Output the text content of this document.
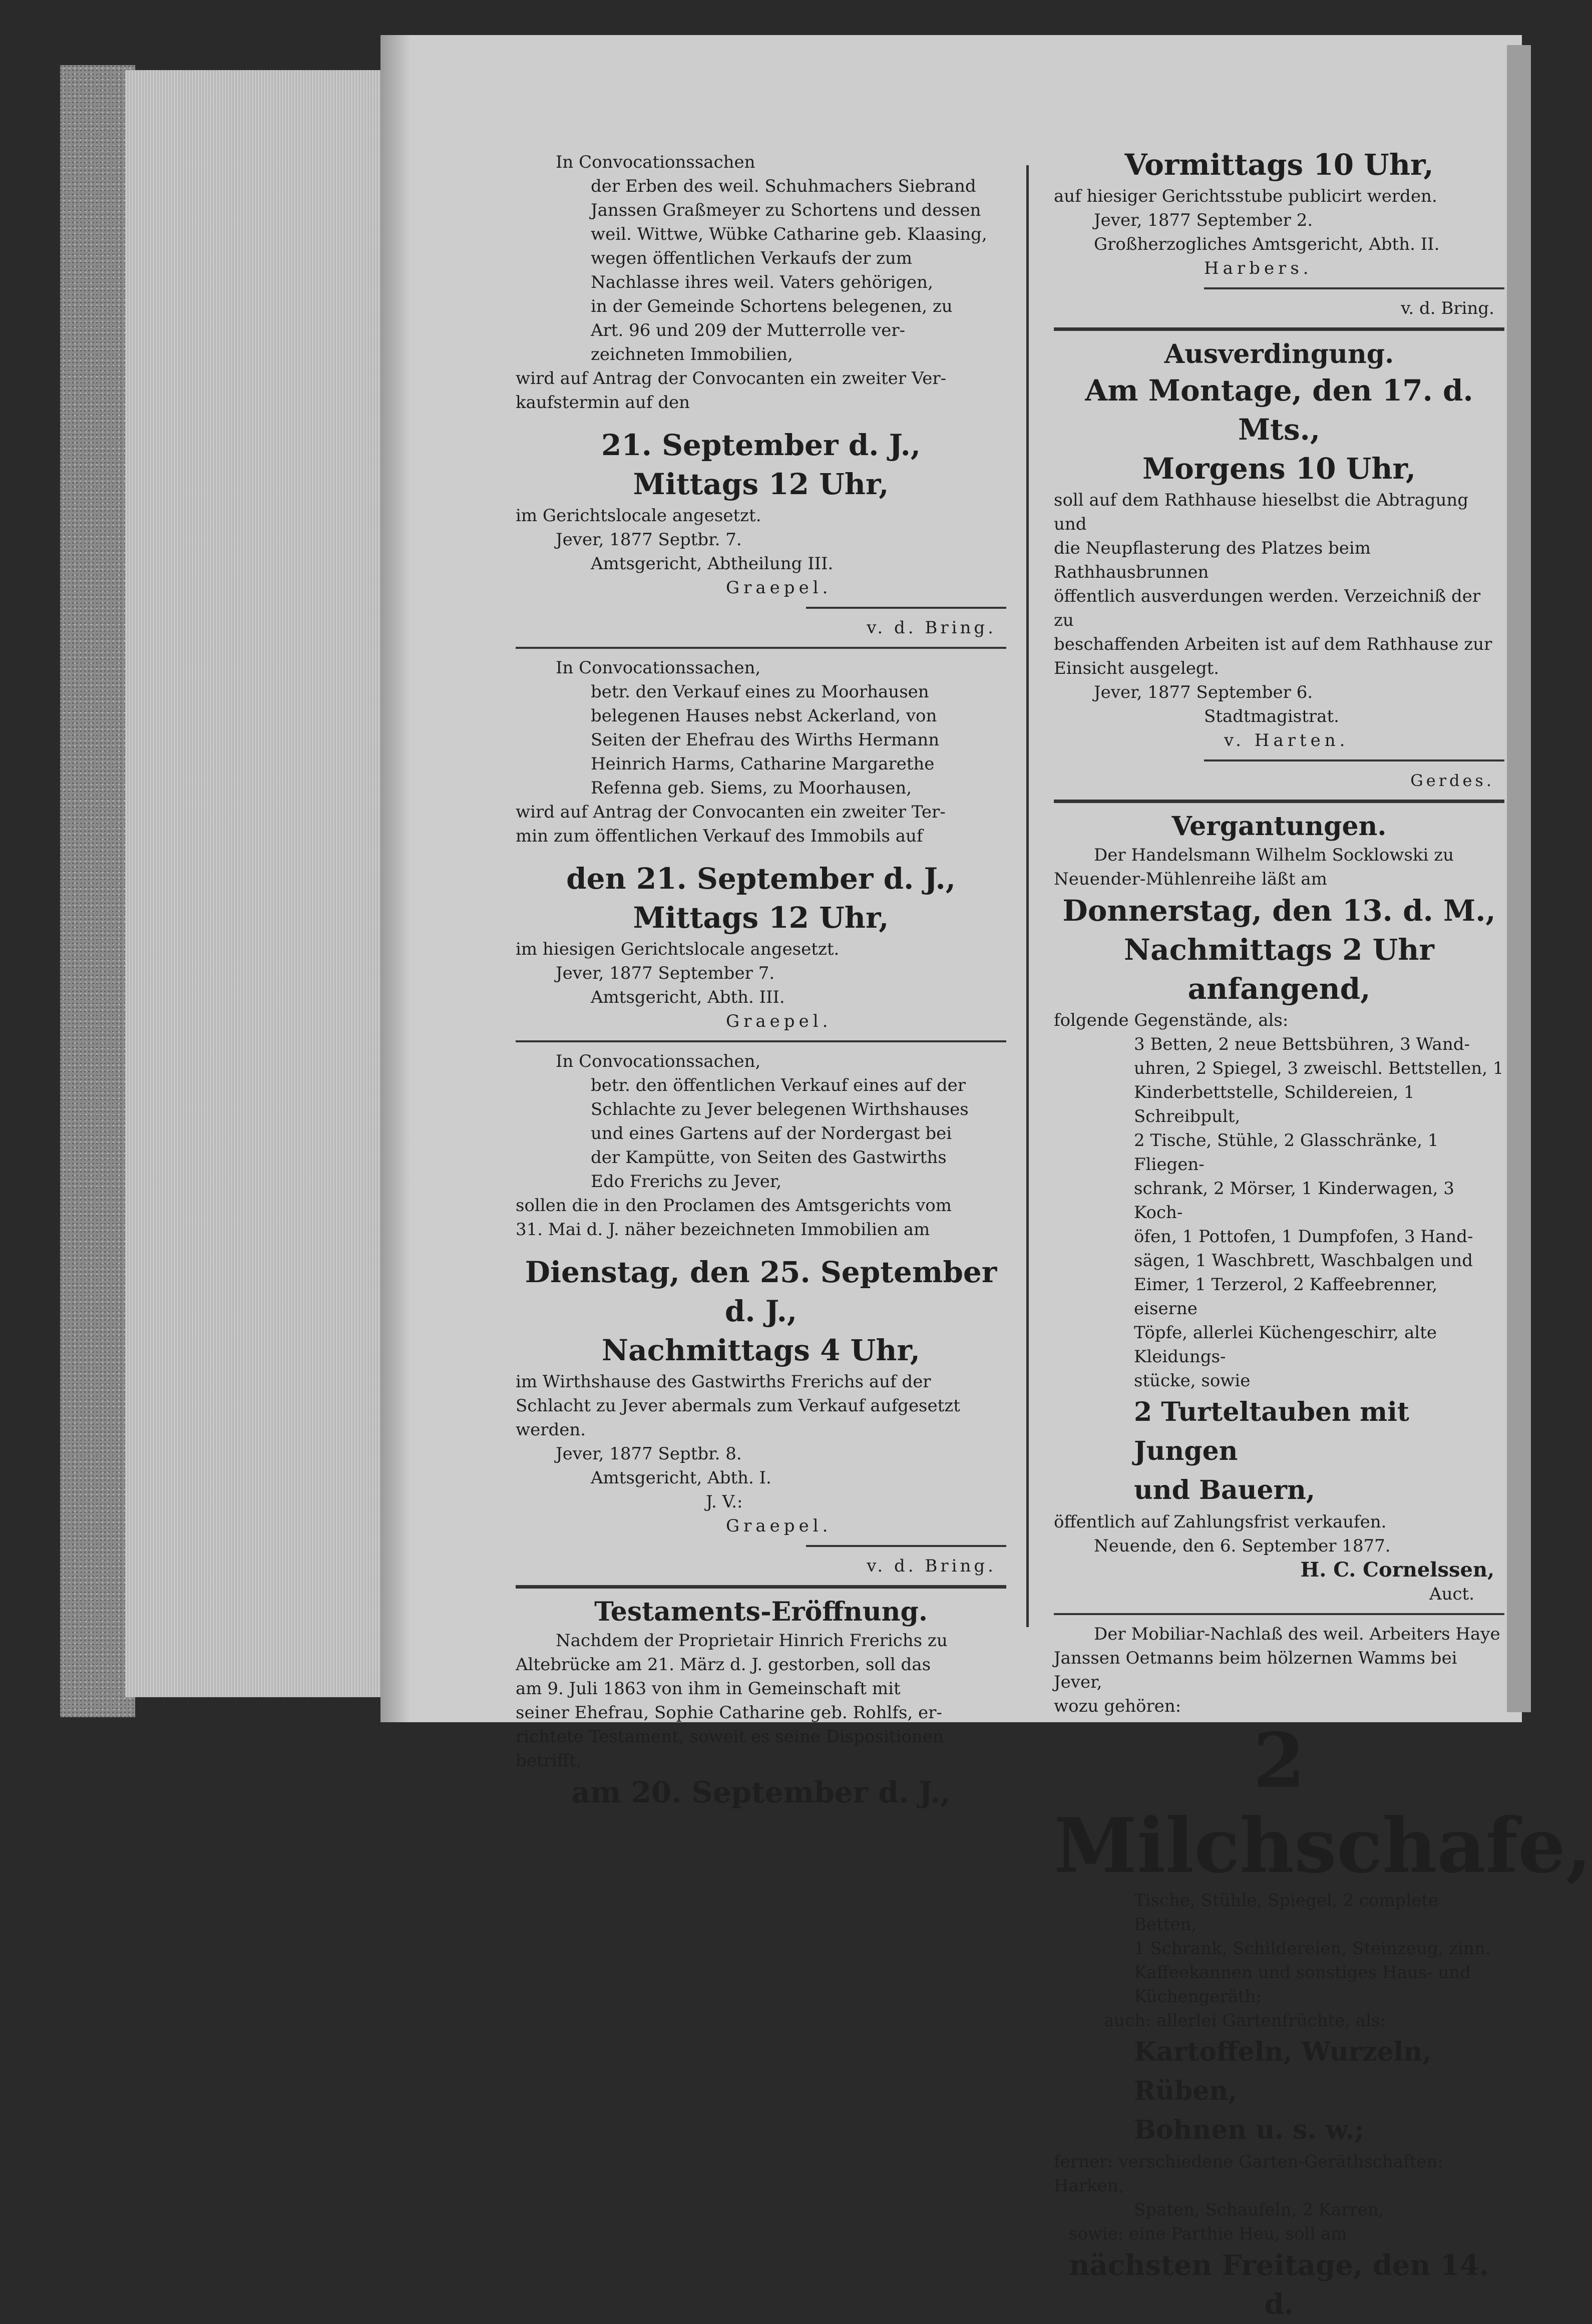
In Convocationssachen

der Erben des weil. Schuhmachers Siebrand

Janssen Graßmeyer zu Schortens und dessen

weil. Wittwe, Wübke Catharine geb. Klaasing,

wegen öffentlichen Verkaufs der zum

Nachlasse ihres weil. Vaters gehörigen,

in der Gemeinde Schortens belegenen, zu

Art. 96 und 209 der Mutterrolle ver-

zeichneten Immobilien,

wird auf Antrag der Convocanten ein zweiter Ver-

kaufstermin auf den

21. September d. J.,
Mittags 12 Uhr,

im Gerichtslocale angesetzt.

Jever, 1877 Septbr. 7.

Amtsgericht, Abtheilung III.

Graepel.

v. d. Bring.

In Convocationssachen,

betr. den Verkauf eines zu Moorhausen

belegenen Hauses nebst Ackerland, von

Seiten der Ehefrau des Wirths Hermann

Heinrich Harms, Catharine Margarethe

Refenna geb. Siems, zu Moorhausen,

wird auf Antrag der Convocanten ein zweiter Ter-

min zum öffentlichen Verkauf des Immobils auf

den 21. September d. J.,
Mittags 12 Uhr,

im hiesigen Gerichtslocale angesetzt.

Jever, 1877 September 7.

Amtsgericht, Abth. III.

Graepel.

In Convocationssachen,

betr. den öffentlichen Verkauf eines auf der

Schlachte zu Jever belegenen Wirthshauses

und eines Gartens auf der Nordergast bei

der Kampütte, von Seiten des Gastwirths

Edo Frerichs zu Jever,

sollen die in den Proclamen des Amtsgerichts vom

31. Mai d. J. näher bezeichneten Immobilien am

Dienstag, den 25. September d. J.,
Nachmittags 4 Uhr,

im Wirthshause des Gastwirths Frerichs auf der

Schlacht zu Jever abermals zum Verkauf aufgesetzt

werden.

Jever, 1877 Septbr. 8.

Amtsgericht, Abth. I.

J. V.:

Graepel.

v. d. Bring.

Testaments-Eröffnung.

Nachdem der Proprietair Hinrich Frerichs zu

Altebrücke am 21. März d. J. gestorben, soll das

am 9. Juli 1863 von ihm in Gemeinschaft mit

seiner Ehefrau, Sophie Catharine geb. Rohlfs, er-

richtete Testament, soweit es seine Dispositionen

betrifft,

am 20. September d. J.,
Vormittags 10 Uhr,

auf hiesiger Gerichtsstube publicirt werden.

Jever, 1877 September 2.

Großherzogliches Amtsgericht, Abth. II.

Harbers.

v. d. Bring.

Ausverdingung.
Am Montage, den 17. d. Mts.,
Morgens 10 Uhr,

soll auf dem Rathhause hieselbst die Abtragung und

die Neupflasterung des Platzes beim Rathhausbrunnen

öffentlich ausverdungen werden. Verzeichniß der zu

beschaffenden Arbeiten ist auf dem Rathhause zur

Einsicht ausgelegt.

Jever, 1877 September 6.

Stadtmagistrat.

v. Harten.

Gerdes.

Vergantungen.

Der Handelsmann Wilhelm Socklowski zu

Neuender-Mühlenreihe läßt am

Donnerstag, den 13. d. M.,
Nachmittags 2 Uhr anfangend,

folgende Gegenstände, als:

3 Betten, 2 neue Bettsbühren, 3 Wand-

uhren, 2 Spiegel, 3 zweischl. Bettstellen, 1

Kinderbettstelle, Schildereien, 1 Schreibpult,

2 Tische, Stühle, 2 Glasschränke, 1 Fliegen-

schrank, 2 Mörser, 1 Kinderwagen, 3 Koch-

öfen, 1 Pottofen, 1 Dumpfofen, 3 Hand-

sägen, 1 Waschbrett, Waschbalgen und

Eimer, 1 Terzerol, 2 Kaffeebrenner, eiserne

Töpfe, allerlei Küchengeschirr, alte Kleidungs-

stücke, sowie

2 Turteltauben mit Jungen
und Bauern,

öffentlich auf Zahlungsfrist verkaufen.

Neuende, den 6. September 1877.

H. C. Cornelssen,

Auct.

Der Mobiliar-Nachlaß des weil. Arbeiters Haye

Janssen Oetmanns beim hölzernen Wamms bei Jever,

wozu gehören:

2 Milchschafe,

Tische, Stühle, Spiegel, 2 complete Betten,

1 Schrank, Schildereien, Steinzeug, zinn.

Kaffeekannen und sonstiges Haus- und

Küchengeräth;

auch: allerlei Gartenfrüchte, als:

Kartoffeln, Wurzeln, Rüben,
Bohnen u. s. w.;

ferner: verschiedene Garten-Geräthschaften: Harken,

Spaten, Schaufeln, 2 Karren,

sowie: eine Parthie Heu, soll am

nächsten Freitage, den 14. d.
